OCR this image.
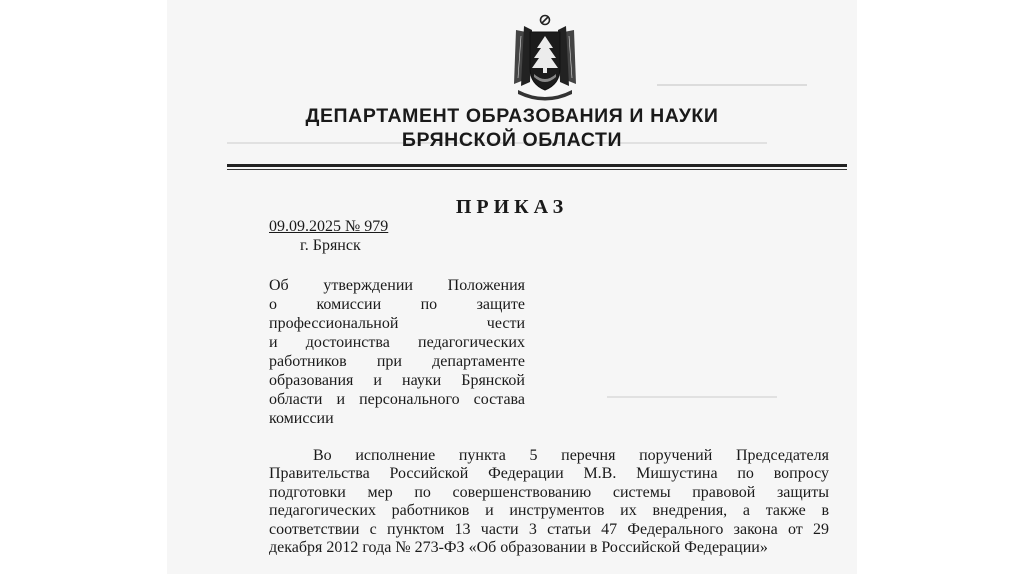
ДЕПАРТАМЕНТ ОБРАЗОВАНИЯ И НАУКИ
БРЯНСКОЙ ОБЛАСТИ
ПРИКАЗ
09.09.2025 № 979
г. Брянск
Об утверждении Положения
о комиссии по защите
профессиональной чести
и достоинства педагогических
работников при департаменте
образования и науки Брянской
области и персонального состава
комиссии
Во исполнение пункта 5 перечня поручений Председателя
Правительства Российской Федерации М.В. Мишустина по вопросу
подготовки мер по совершенствованию системы правовой защиты
педагогических работников и инструментов их внедрения, а также в
соответствии с пунктом 13 части 3 статьи 47 Федерального закона от 29
декабря 2012 года № 273-ФЗ «Об образовании в Российской Федерации»
